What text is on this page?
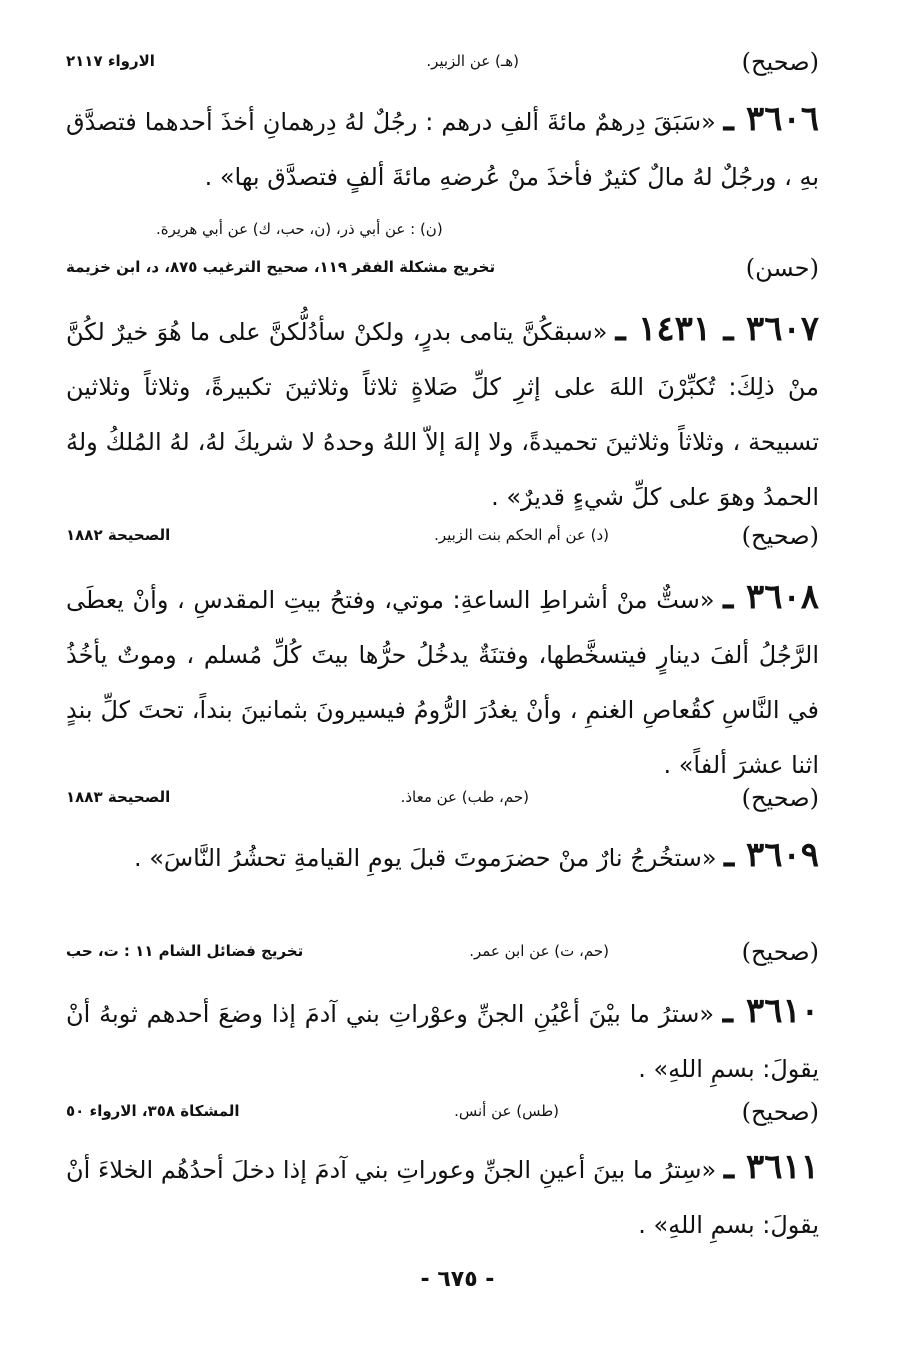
(صحيح)
(هـ) عن الزبير.
الارواء ٢١١٧
٣٦٠٦ ـ «سَبَقَ دِرهمٌ مائةَ ألفِ درهم : رجُلٌ لهُ دِرهمانِ أخذَ أحدهما فتصدَّق بهِ ، ورجُلٌ لهُ مالٌ كثيرٌ فأخذَ منْ عُرضهِ مائةَ ألفٍ فتصدَّق بها» .
(ن) : عن أبي ذر، (ن، حب، ك) عن أبي هريرة.
(حسن)
تخريج مشكلة الفقر ١١٩، صحيح الترغيب ٨٧٥، د، ابن خزيمة
٣٦٠٧ ـ ١٤٣١ ـ «سبقكُنَّ يتامى بدرٍ، ولكنْ سأدُلُّكنَّ على ما هُوَ خيرٌ لكُنَّ منْ ذلِكَ: تُكبِّرْنَ اللهَ على إثرِ كلِّ صَلاةٍ ثلاثاً وثلاثينَ تكبيرةً، وثلاثاً وثلاثين تسبيحة ، وثلاثاً وثلاثينَ تحميدةً، ولا إلهَ إلاّ اللهُ وحدهُ لا شريكَ لهُ، لهُ المُلكُ ولهُ الحمدُ وهوَ على كلِّ شيءٍ قديرٌ» .
(صحيح)
(د) عن أم الحكم بنت الزبير.
الصحيحة ١٨٨٢
٣٦٠٨ ـ «ستٌّ منْ أشراطِ الساعةِ: موتي، وفتحُ بيتِ المقدسِ ، وأنْ يعطَى الرَّجُلُ ألفَ دينارٍ فيتسخَّطها، وفتنَةٌ يدخُلُ حرُّها بيتَ كُلِّ مُسلم ، وموتٌ يأخُذُ في النَّاسِ كقُعاصِ الغنمِ ، وأنْ يغدُرَ الرُّومُ فيسيرونَ بثمانينَ بنداً، تحتَ كلِّ بندٍ اثنا عشرَ ألفاً» .
(صحيح)
(حم، طب) عن معاذ.
الصحيحة ١٨٨٣
٣٦٠٩ ـ «ستخُرجُ نارٌ منْ حضرَموتَ قبلَ يومِ القيامةِ تحشُرُ النَّاسَ» .
(صحيح)
(حم، ت) عن ابن عمر.
تخريج فضائل الشام ١١ : ت، حب
٣٦١٠ ـ «سترُ ما بيْنَ أعْيُنِ الجنِّ وعوْراتِ بني آدمَ إذا وضعَ أحدهم ثوبهُ أنْ يقولَ: بسمِ اللهِ» .
(صحيح)
(طس) عن أنس.
المشكاة ٣٥٨، الارواء ٥٠
٣٦١١ ـ «سِترُ ما بينَ أعينِ الجنِّ وعوراتِ بني آدمَ إذا دخلَ أحدُهُم الخلاءَ أنْ يقولَ: بسمِ اللهِ» .
- ٦٧٥ -
